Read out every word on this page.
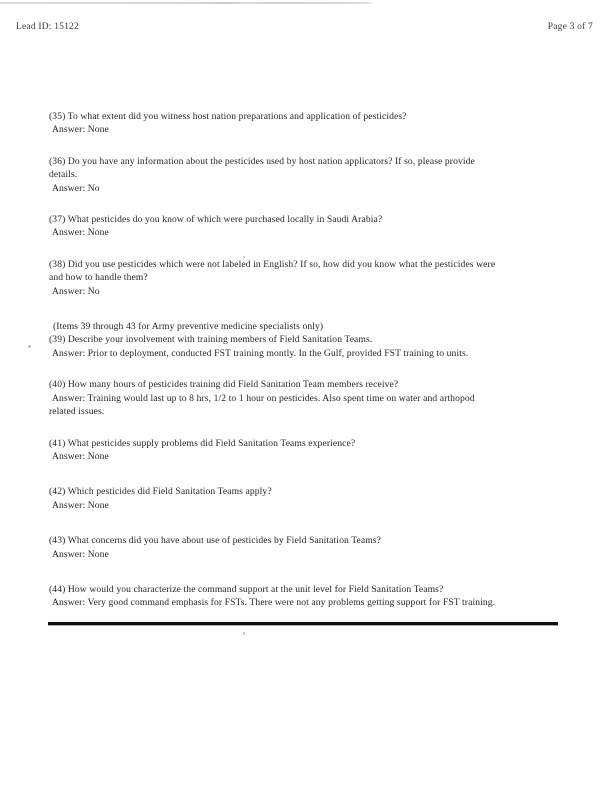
Lead ID: 15122	Page 3 of 7

(35) To what extent did you witness host nation preparations and application of pesticides?

Answer: None

(36) Do you have any information about the pesticides used by host nation applicators? If so, please provide

details.

Answer: No

(37) What pesticides do you know of which were purchased locally in Saudi Arabia?

Answer: None

(38) Did you use pesticides which were not labeled in English? If so, how did you know what the pesticides were

and how to handle them?

Answer: No

(Items 39 through 43 for Army preventive medicine specialists only)

(39) Describe your involvement with training members of Field Sanitation Teams.

Answer: Prior to deployment, conducted FST training montly. In the Gulf, provided FST training to units.

(40) How many hours of pesticides training did Field Sanitation Team members receive?

Answer: Training would last up to 8 hrs, 1/2 to 1 hour on pesticides. Also spent time on water and arthopod

related issues.

(41) What pesticides supply problems did Field Sanitation Teams experience?

Answer: None

(42) Which pesticides did Field Sanitation Teams apply?

Answer: None

(43) What concerns did you have about use of pesticides by Field Sanitation Teams?

Answer: None

(44) How would you characterize the command support at the unit level for Field Sanitation Teams?

Answer: Very good command emphasis for FSTs. There were not any problems getting support for FST training.
